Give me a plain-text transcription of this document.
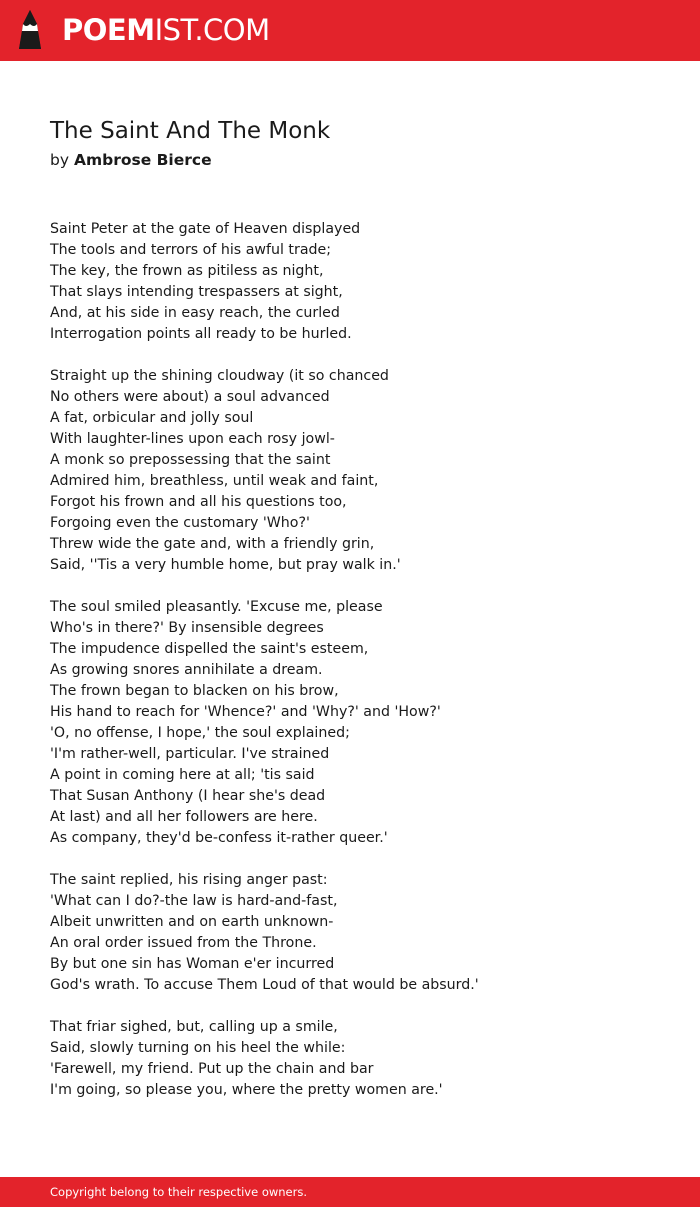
POEMIST.COM
The Saint And The Monk
by Ambrose Bierce
Saint Peter at the gate of Heaven displayed
The tools and terrors of his awful trade;
The key, the frown as pitiless as night,
That slays intending trespassers at sight,
And, at his side in easy reach, the curled
Interrogation points all ready to be hurled.
Straight up the shining cloudway (it so chanced
No others were about) a soul advanced
A fat, orbicular and jolly soul
With laughter-lines upon each rosy jowl-
A monk so prepossessing that the saint
Admired him, breathless, until weak and faint,
Forgot his frown and all his questions too,
Forgoing even the customary 'Who?'
Threw wide the gate and, with a friendly grin,
Said, ''Tis a very humble home, but pray walk in.'
The soul smiled pleasantly. 'Excuse me, please
Who's in there?' By insensible degrees
The impudence dispelled the saint's esteem,
As growing snores annihilate a dream.
The frown began to blacken on his brow,
His hand to reach for 'Whence?' and 'Why?' and 'How?'
'O, no offense, I hope,' the soul explained;
'I'm rather-well, particular. I've strained
A point in coming here at all; 'tis said
That Susan Anthony (I hear she's dead
At last) and all her followers are here.
As company, they'd be-confess it-rather queer.'
The saint replied, his rising anger past:
'What can I do?-the law is hard-and-fast,
Albeit unwritten and on earth unknown-
An oral order issued from the Throne.
By but one sin has Woman e'er incurred
God's wrath. To accuse Them Loud of that would be absurd.'
That friar sighed, but, calling up a smile,
Said, slowly turning on his heel the while:
'Farewell, my friend. Put up the chain and bar
I'm going, so please you, where the pretty women are.'
Copyright belong to their respective owners.
